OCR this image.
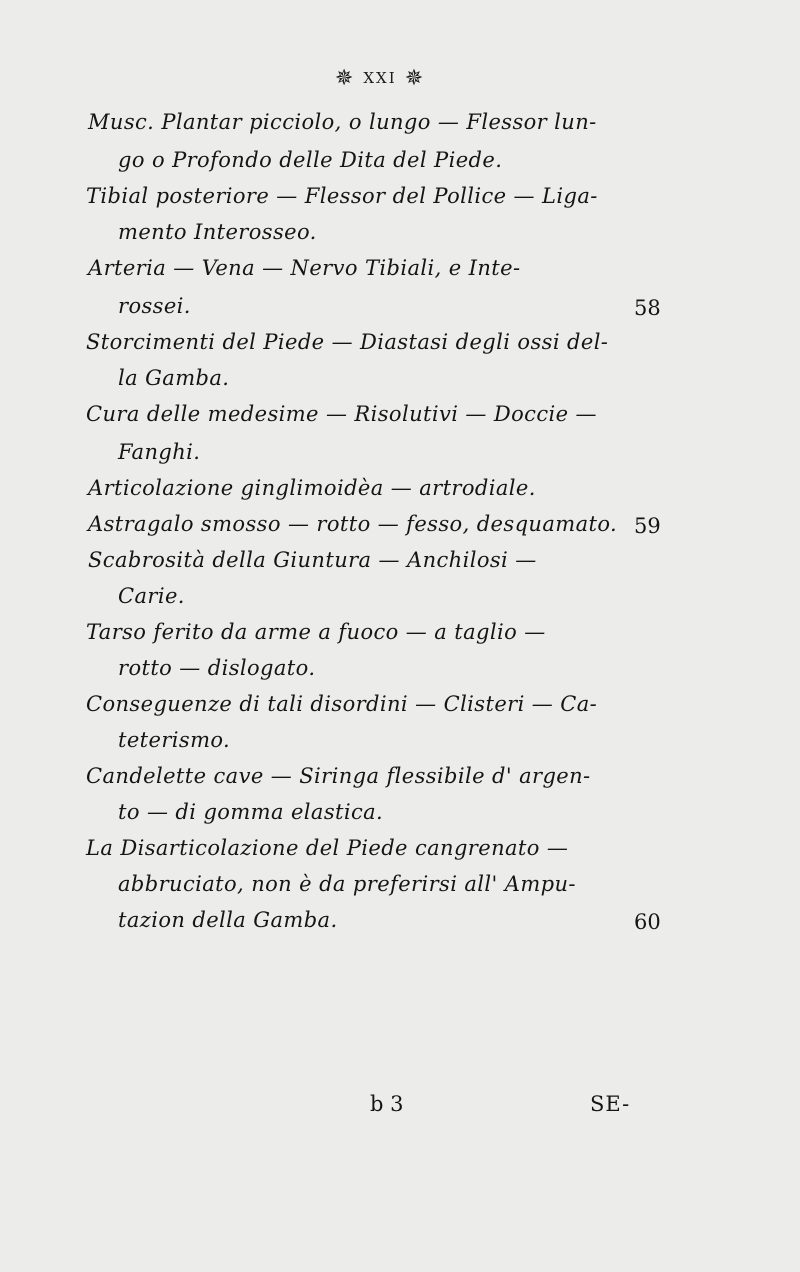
✵ XXI ✵
Musc. Plantar picciolo, o lungo — Flessor lun-
go o Profondo delle Dita del Piede.
Tibial posteriore — Flessor del Pollice — Liga-
mento Interosseo.
Arteria — Vena — Nervo Tibiali, e Inte-
rossei.	58
Storcimenti del Piede — Diastasi degli ossi del-
la Gamba.
Cura delle medesime — Risolutivi — Doccie —
Fanghi.
Articolazione ginglimoidèa — artrodiale.
Astragalo smosso — rotto — fesso, desquamato. 59
Scabrosità della Giuntura — Anchilosi —
Carie.
Tarso ferito da arme a fuoco — a taglio —
rotto — dislogato.
Conseguenze di tali disordini — Clisteri — Ca-
teterismo.
Candelette cave — Siringa flessibile d' argen-
to — di gomma elastica.
La Disarticolazione del Piede cangrenato —
abbruciato, non è da preferirsi all' Ampu-
tazion della Gamba.	60
b 3	SE-
